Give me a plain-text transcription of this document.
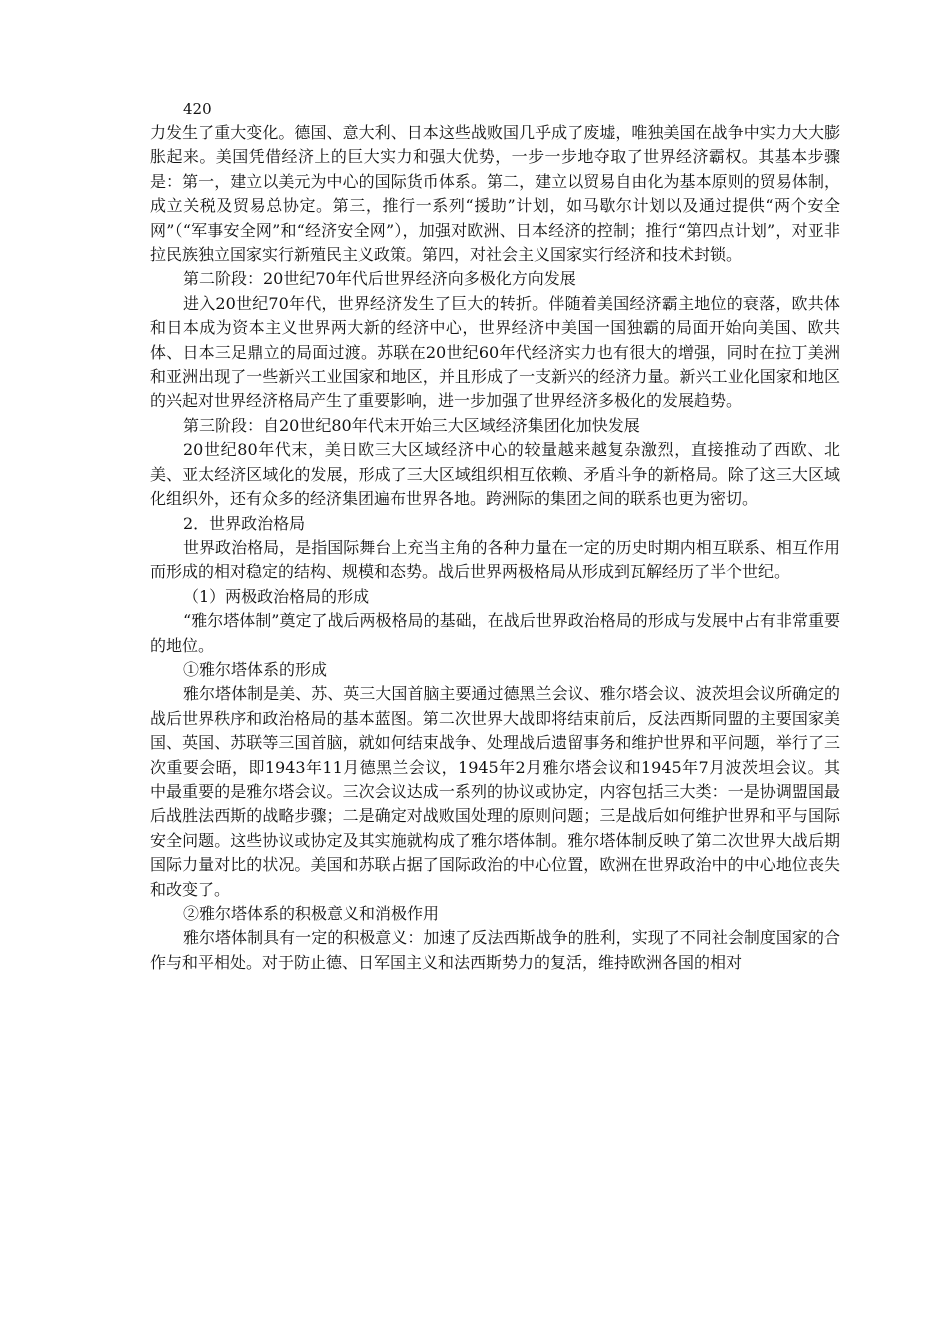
420

力发生了重大变化。德国、意大利、日本这些战败国几乎成了废墟，唯独美国在战争中实力大大膨胀起来。美国凭借经济上的巨大实力和强大优势，一步一步地夺取了世界经济霸权。其基本步骤是：第一，建立以美元为中心的国际货币体系。第二，建立以贸易自由化为基本原则的贸易体制，成立关税及贸易总协定。第三，推行一系列“援助”计划，如马歇尔计划以及通过提供“两个安全网”（“军事安全网”和“经济安全网”），加强对欧洲、日本经济的控制；推行“第四点计划”，对亚非拉民族独立国家实行新殖民主义政策。第四，对社会主义国家实行经济和技术封锁。

第二阶段：20世纪70年代后世界经济向多极化方向发展

进入20世纪70年代，世界经济发生了巨大的转折。伴随着美国经济霸主地位的衰落，欧共体和日本成为资本主义世界两大新的经济中心，世界经济中美国一国独霸的局面开始向美国、欧共体、日本三足鼎立的局面过渡。苏联在20世纪60年代经济实力也有很大的增强，同时在拉丁美洲和亚洲出现了一些新兴工业国家和地区，并且形成了一支新兴的经济力量。新兴工业化国家和地区的兴起对世界经济格局产生了重要影响，进一步加强了世界经济多极化的发展趋势。

第三阶段：自20世纪80年代末开始三大区域经济集团化加快发展

20世纪80年代末，美日欧三大区域经济中心的较量越来越复杂激烈，直接推动了西欧、北美、亚太经济区域化的发展，形成了三大区域组织相互依赖、矛盾斗争的新格局。除了这三大区域化组织外，还有众多的经济集团遍布世界各地。跨洲际的集团之间的联系也更为密切。

2．世界政治格局

世界政治格局，是指国际舞台上充当主角的各种力量在一定的历史时期内相互联系、相互作用而形成的相对稳定的结构、规模和态势。战后世界两极格局从形成到瓦解经历了半个世纪。

（1）两极政治格局的形成

“雅尔塔体制”奠定了战后两极格局的基础，在战后世界政治格局的形成与发展中占有非常重要的地位。

①雅尔塔体系的形成

雅尔塔体制是美、苏、英三大国首脑主要通过德黑兰会议、雅尔塔会议、波茨坦会议所确定的战后世界秩序和政治格局的基本蓝图。第二次世界大战即将结束前后，反法西斯同盟的主要国家美国、英国、苏联等三国首脑，就如何结束战争、处理战后遗留事务和维护世界和平问题，举行了三次重要会晤，即1943年11月德黑兰会议，1945年2月雅尔塔会议和1945年7月波茨坦会议。其中最重要的是雅尔塔会议。三次会议达成一系列的协议或协定，内容包括三大类：一是协调盟国最后战胜法西斯的战略步骤；二是确定对战败国处理的原则问题；三是战后如何维护世界和平与国际安全问题。这些协议或协定及其实施就构成了雅尔塔体制。雅尔塔体制反映了第二次世界大战后期国际力量对比的状况。美国和苏联占据了国际政治的中心位置，欧洲在世界政治中的中心地位丧失和改变了。

②雅尔塔体系的积极意义和消极作用

雅尔塔体制具有一定的积极意义：加速了反法西斯战争的胜利，实现了不同社会制度国家的合作与和平相处。对于防止德、日军国主义和法西斯势力的复活，维持欧洲各国的相对
